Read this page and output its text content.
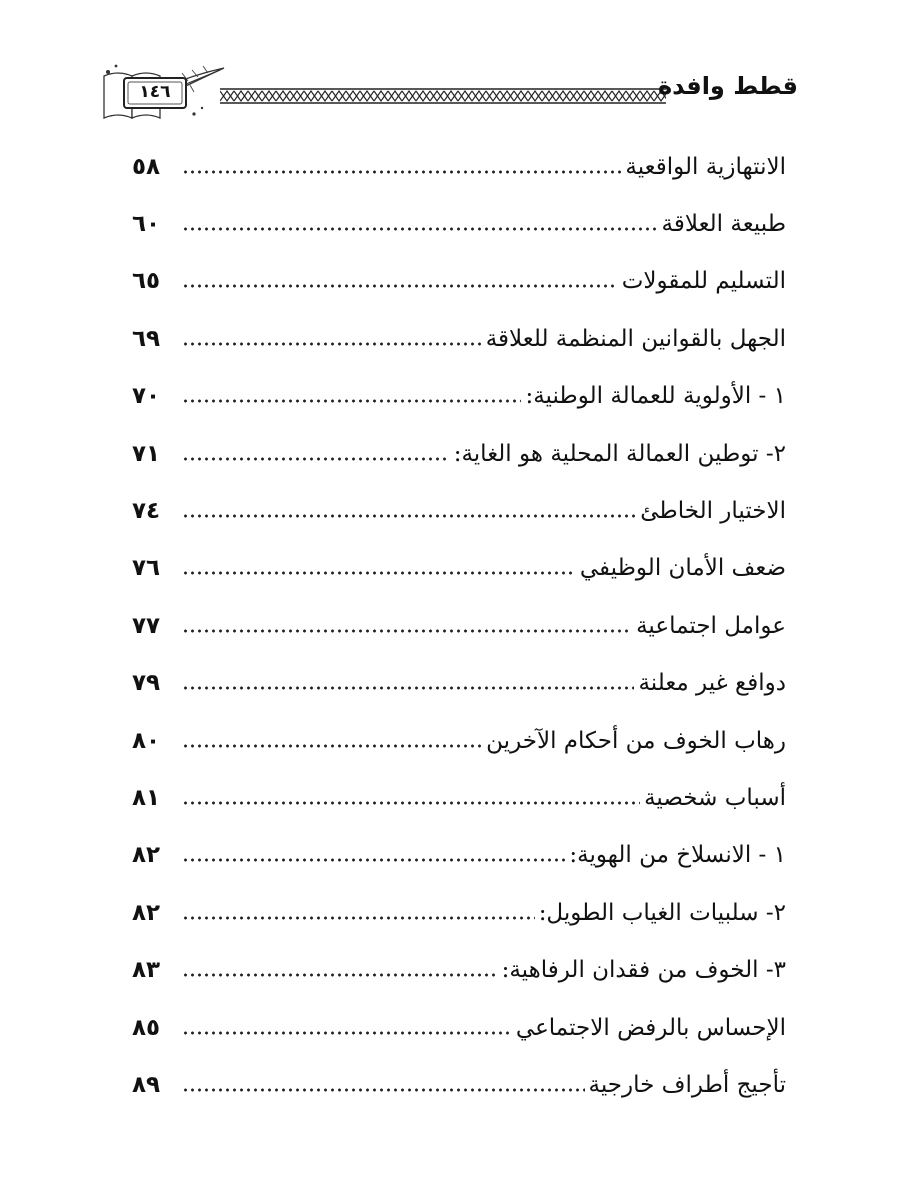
١٤٦	قطط وافدة
٥٨	الانتهازية الواقعية
٦٠	طبيعة العلاقة
٦٥	التسليم للمقولات
٦٩	الجهل بالقوانين المنظمة للعلاقة
٧٠	١ - الأولوية للعمالة الوطنية:
٧١	٢- توطين العمالة المحلية هو الغاية:
٧٤	الاختيار الخاطئ
٧٦	ضعف الأمان الوظيفي
٧٧	عوامل اجتماعية
٧٩	دوافع غير معلنة
٨٠	رهاب الخوف من أحكام الآخرين
٨١	أسباب شخصية
٨٢	١ - الانسلاخ من الهوية:
٨٢	٢- سلبيات الغياب الطويل:
٨٣	٣- الخوف من فقدان الرفاهية:
٨٥	الإحساس بالرفض الاجتماعي
٨٩	تأجيج أطراف خارجية
